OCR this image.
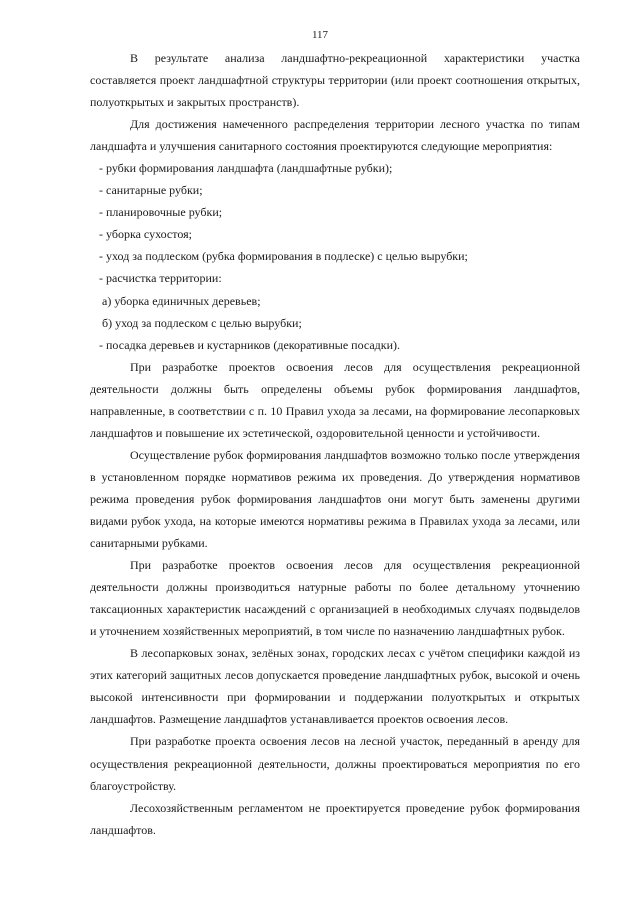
117

В результате анализа ландшафтно-рекреационной характеристики участка составляется проект ландшафтной структуры территории (или проект соотношения открытых, полуоткрытых и закрытых пространств).

Для достижения намеченного распределения территории лесного участка по типам ландшафта и улучшения санитарного состояния проектируются следующие мероприятия:

- рубки формирования ландшафта (ландшафтные рубки);
- санитарные рубки;
- планировочные рубки;
- уборка сухостоя;
- уход за подлеском (рубка формирования в подлеске) с целью вырубки;
- расчистка территории:
а) уборка единичных деревьев;
б) уход за подлеском с целью вырубки;
- посадка деревьев и кустарников (декоративные посадки).

При разработке проектов освоения лесов для осуществления рекреационной деятельности должны быть определены объемы рубок формирования ландшафтов, направленные, в соответствии с п. 10 Правил ухода за лесами, на формирование лесопарковых ландшафтов и повышение их эстетической, оздоровительной ценности и устойчивости.

Осуществление рубок формирования ландшафтов возможно только после утверждения в установленном порядке нормативов режима их проведения. До утверждения нормативов режима проведения рубок формирования ландшафтов они могут быть заменены другими видами рубок ухода, на которые имеются нормативы режима в Правилах ухода за лесами, или санитарными рубками.

При разработке проектов освоения лесов для осуществления рекреационной деятельности должны производиться натурные работы по более детальному уточнению таксационных характеристик насаждений с организацией в необходимых случаях подвыделов и уточнением хозяйственных мероприятий, в том числе по назначению ландшафтных рубок.

В лесопарковых зонах, зелёных зонах, городских лесах с учётом специфики каждой из этих категорий защитных лесов допускается проведение ландшафтных рубок, высокой и очень высокой интенсивности при формировании и поддержании полуоткрытых и открытых ландшафтов. Размещение ландшафтов устанавливается проектов освоения лесов.

При разработке проекта освоения лесов на лесной участок, переданный в аренду для осуществления рекреационной деятельности, должны проектироваться мероприятия по его благоустройству.

Лесохозяйственным регламентом не проектируется проведение рубок формирования ландшафтов.
